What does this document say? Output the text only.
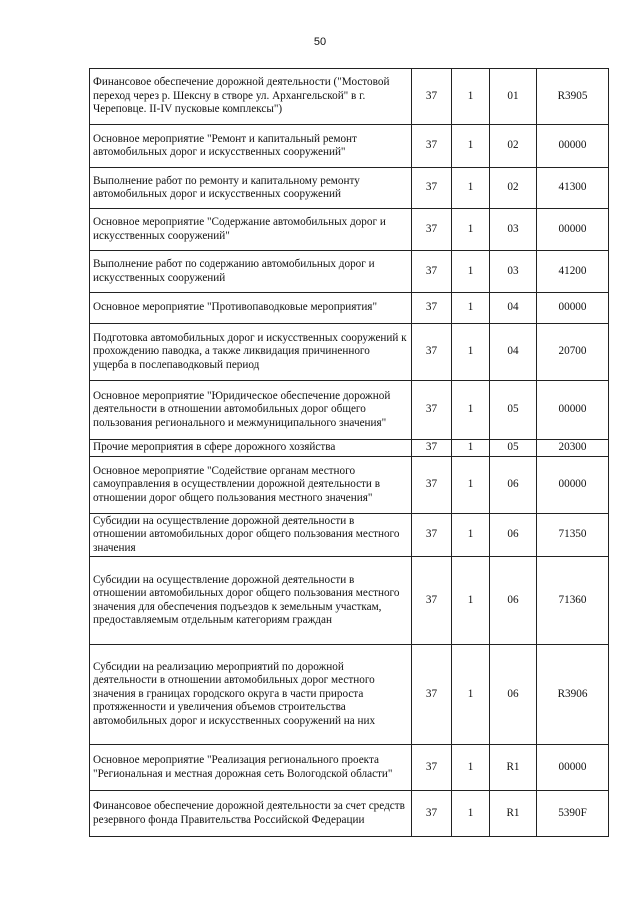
50
Финансовое обеспечение дорожной деятельности ("Мостовой переход через р. Шексну в створе ул. Архангельской" в г. Череповце. II-IV пусковые комплексы")	37	1	01	R3905
Основное мероприятие "Ремонт и капитальный ремонт автомобильных дорог и искусственных сооружений"	37	1	02	00000
Выполнение работ по ремонту и капитальному ремонту автомобильных дорог и искусственных сооружений	37	1	02	41300
Основное мероприятие "Содержание автомобильных дорог и искусственных сооружений"	37	1	03	00000
Выполнение работ по содержанию автомобильных дорог и искусственных сооружений	37	1	03	41200
Основное мероприятие "Противопаводковые мероприятия"	37	1	04	00000
Подготовка автомобильных дорог и искусственных сооружений к прохождению паводка, а также ликвидация причиненного ущерба в послепаводковый период	37	1	04	20700
Основное мероприятие "Юридическое обеспечение дорожной деятельности в отношении автомобильных дорог общего пользования регионального и межмуниципального значения"	37	1	05	00000
Прочие мероприятия в сфере дорожного хозяйства	37	1	05	20300
Основное мероприятие "Содействие органам местного самоуправления в осуществлении дорожной деятельности в отношении дорог общего пользования местного значения"	37	1	06	00000
Субсидии на осуществление дорожной деятельности в отношении автомобильных дорог общего пользования местного значения	37	1	06	71350
Субсидии на осуществление дорожной деятельности в отношении автомобильных дорог общего пользования местного значения для обеспечения подъездов к земельным участкам, предоставляемым отдельным категориям граждан	37	1	06	71360
Субсидии на реализацию мероприятий по дорожной деятельности в отношении автомобильных дорог местного значения в границах городского округа в части прироста протяженности и увеличения объемов строительства автомобильных дорог и искусственных сооружений на них	37	1	06	R3906
Основное мероприятие "Реализация регионального проекта "Региональная и местная дорожная сеть Вологодской области"	37	1	R1	00000
Финансовое обеспечение дорожной деятельности за счет средств резервного фонда Правительства Российской Федерации	37	1	R1	5390F
